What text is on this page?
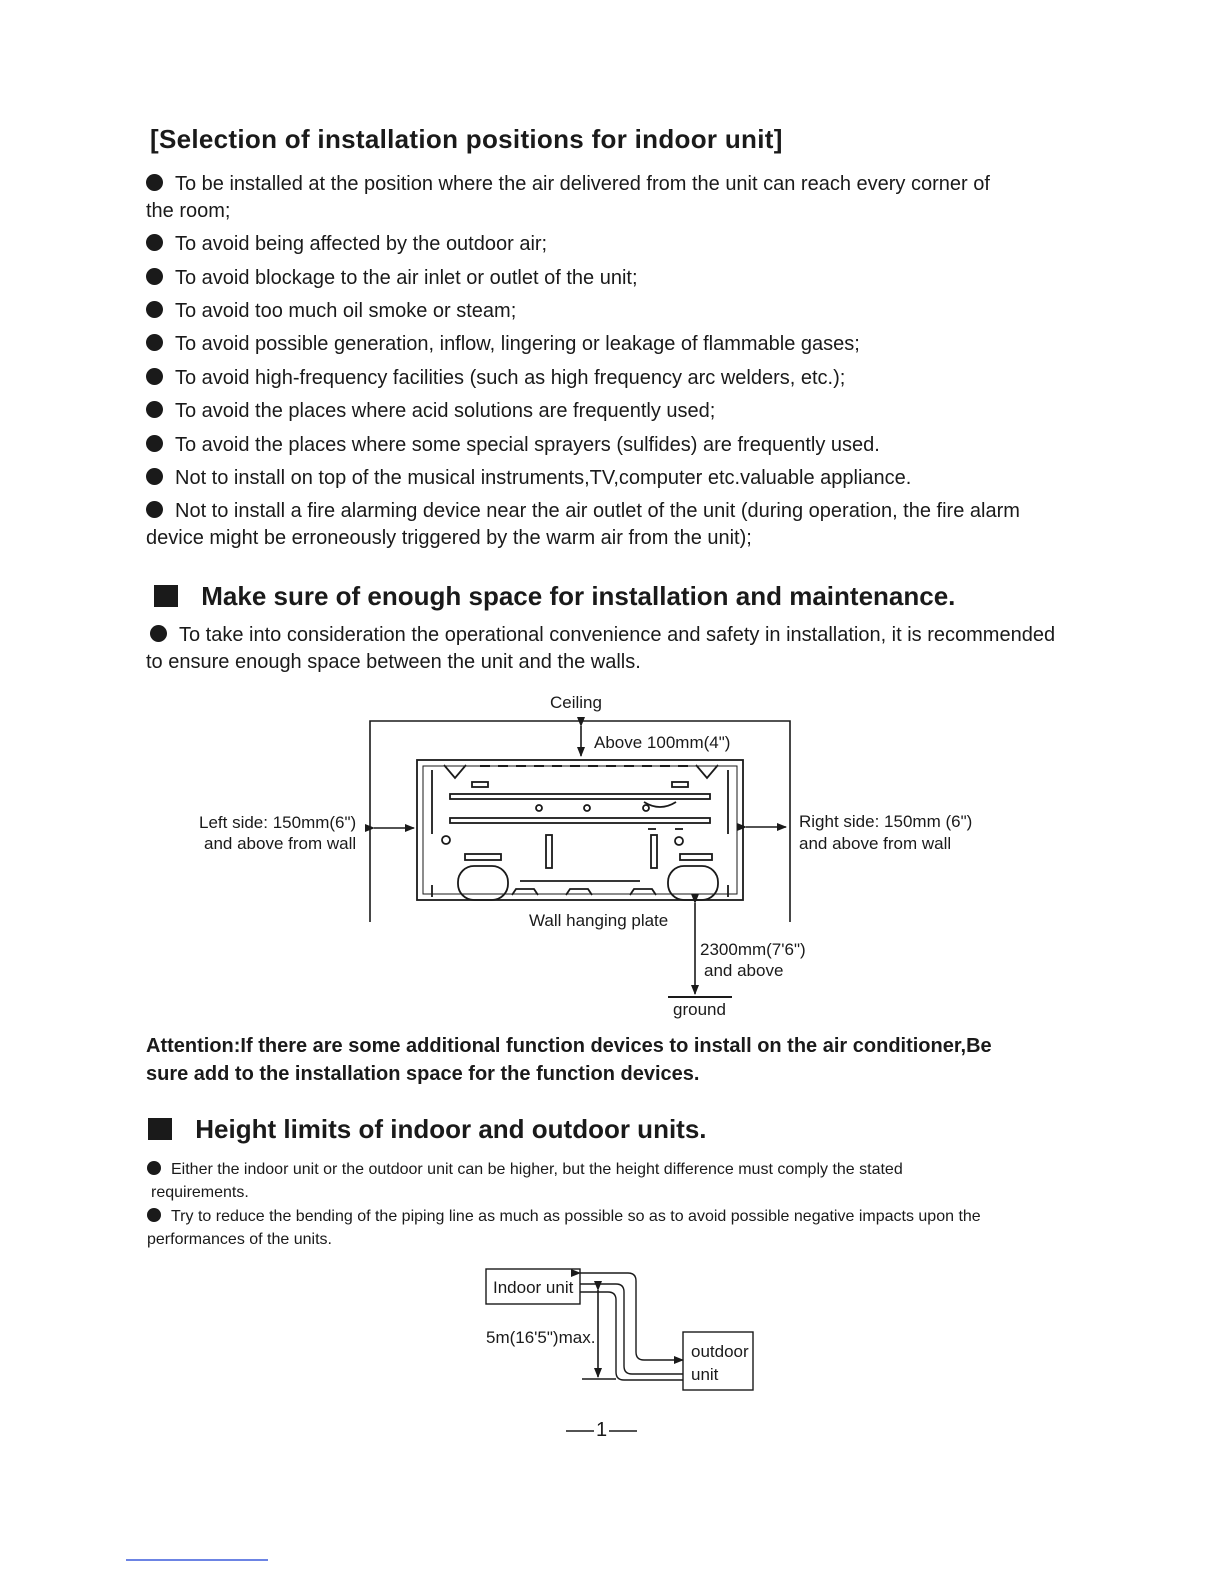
[Selection of installation positions for indoor unit]
To be installed at the position where the air delivered from the unit can reach every corner of
the room;
To avoid being affected by the outdoor air;
To avoid blockage to the air inlet or outlet of the unit;
To avoid too much oil smoke or steam;
To avoid possible generation, inflow, lingering or leakage of flammable gases;
To avoid high-frequency facilities (such as high frequency arc welders, etc.);
To avoid the places where acid solutions are frequently used;
To avoid the places where some special sprayers (sulfides) are frequently used.
Not to install on top of the musical instruments,TV,computer etc.valuable appliance.
Not to install a fire alarming device near the air outlet of the unit (during operation, the fire alarm
device might be erroneously triggered by the warm air from the unit);
Make sure of enough space for installation and maintenance.
To take into consideration the operational convenience and safety in installation, it is recommended
to ensure enough space between the unit and the walls.
Ceiling
Above 100mm(4")
Left side: 150mm(6")
and above from wall
Right side: 150mm (6")
and above from wall
Wall hanging plate
2300mm(7'6")
and above
ground
Attention:If there are some additional function devices to install on the air conditioner,Be
sure add to the installation space for the function devices.
Height limits of indoor and outdoor units.
Either the indoor unit or the outdoor unit can be higher, but the height difference must comply the stated
requirements.
Try to reduce the bending of the piping line as much as possible so as to avoid possible negative impacts upon the
performances of the units.
Indoor unit
5m(16'5")max.
outdoor
unit
1
